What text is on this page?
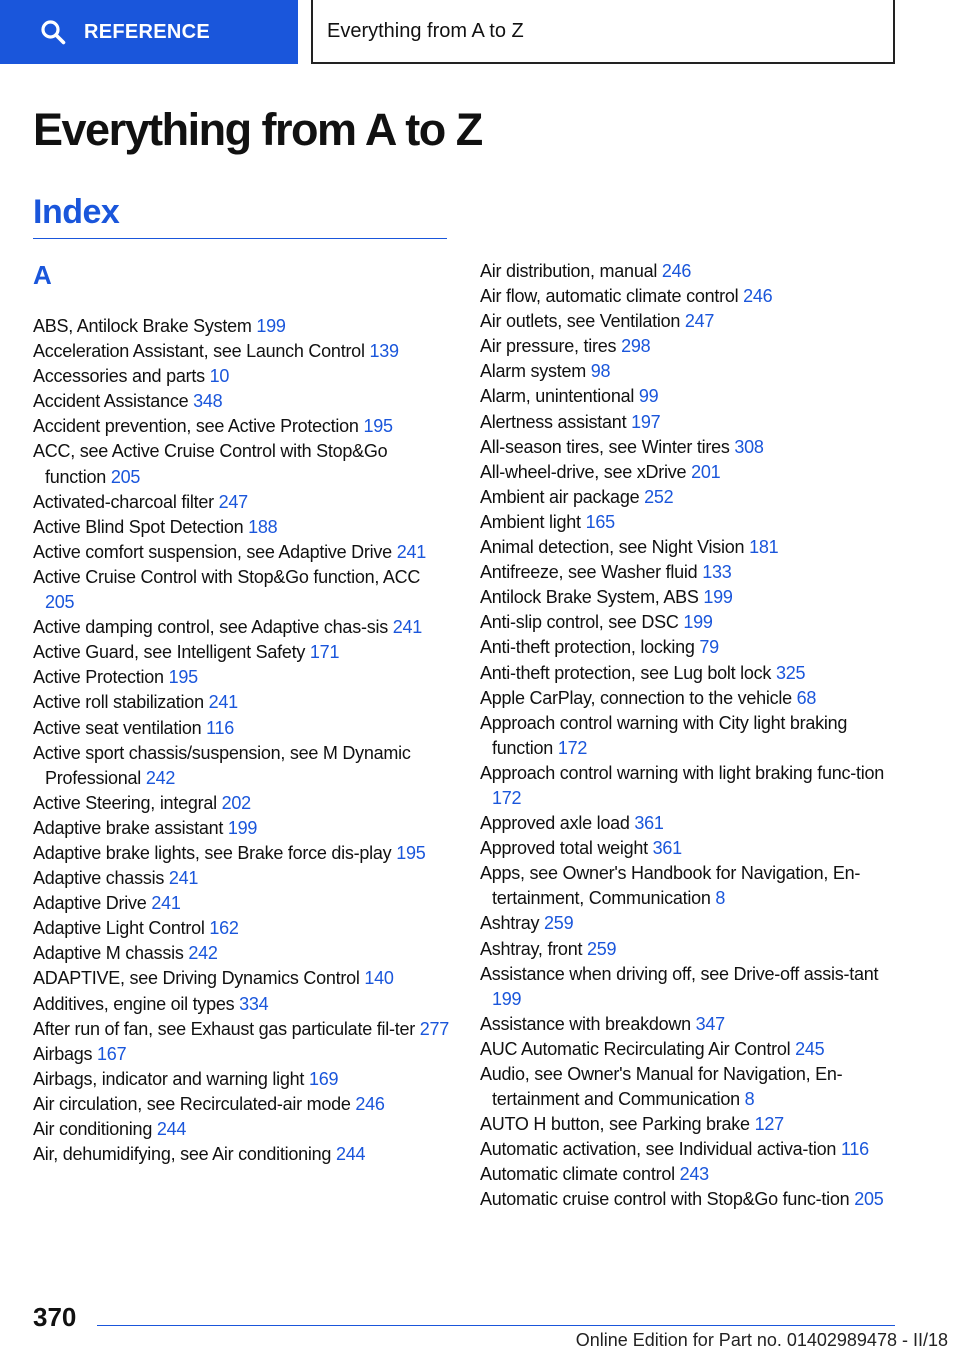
REFERENCE	Everything from A to Z
Everything from A to Z
Index
A
ABS, Antilock Brake System 199
Acceleration Assistant, see Launch Control 139
Accessories and parts 10
Accident Assistance 348
Accident prevention, see Active Protection 195
ACC, see Active Cruise Control with Stop&Go function 205
Activated-charcoal filter 247
Active Blind Spot Detection 188
Active comfort suspension, see Adaptive Drive 241
Active Cruise Control with Stop&Go function, ACC 205
Active damping control, see Adaptive chas-sis 241
Active Guard, see Intelligent Safety 171
Active Protection 195
Active roll stabilization 241
Active seat ventilation 116
Active sport chassis/suspension, see M Dynamic Professional 242
Active Steering, integral 202
Adaptive brake assistant 199
Adaptive brake lights, see Brake force dis-play 195
Adaptive chassis 241
Adaptive Drive 241
Adaptive Light Control 162
Adaptive M chassis 242
ADAPTIVE, see Driving Dynamics Control 140
Additives, engine oil types 334
After run of fan, see Exhaust gas particulate fil-ter 277
Airbags 167
Airbags, indicator and warning light 169
Air circulation, see Recirculated-air mode 246
Air conditioning 244
Air, dehumidifying, see Air conditioning 244
Air distribution, manual 246
Air flow, automatic climate control 246
Air outlets, see Ventilation 247
Air pressure, tires 298
Alarm system 98
Alarm, unintentional 99
Alertness assistant 197
All-season tires, see Winter tires 308
All-wheel-drive, see xDrive 201
Ambient air package 252
Ambient light 165
Animal detection, see Night Vision 181
Antifreeze, see Washer fluid 133
Antilock Brake System, ABS 199
Anti-slip control, see DSC 199
Anti-theft protection, locking 79
Anti-theft protection, see Lug bolt lock 325
Apple CarPlay, connection to the vehicle 68
Approach control warning with City light braking function 172
Approach control warning with light braking func-tion 172
Approved axle load 361
Approved total weight 361
Apps, see Owner's Handbook for Navigation, En-tertainment, Communication 8
Ashtray 259
Ashtray, front 259
Assistance when driving off, see Drive-off assis-tant 199
Assistance with breakdown 347
AUC Automatic Recirculating Air Control 245
Audio, see Owner's Manual for Navigation, En-tertainment and Communication 8
AUTO H button, see Parking brake 127
Automatic activation, see Individual activa-tion 116
Automatic climate control 243
Automatic cruise control with Stop&Go func-tion 205
370
Online Edition for Part no. 01402989478 - II/18
